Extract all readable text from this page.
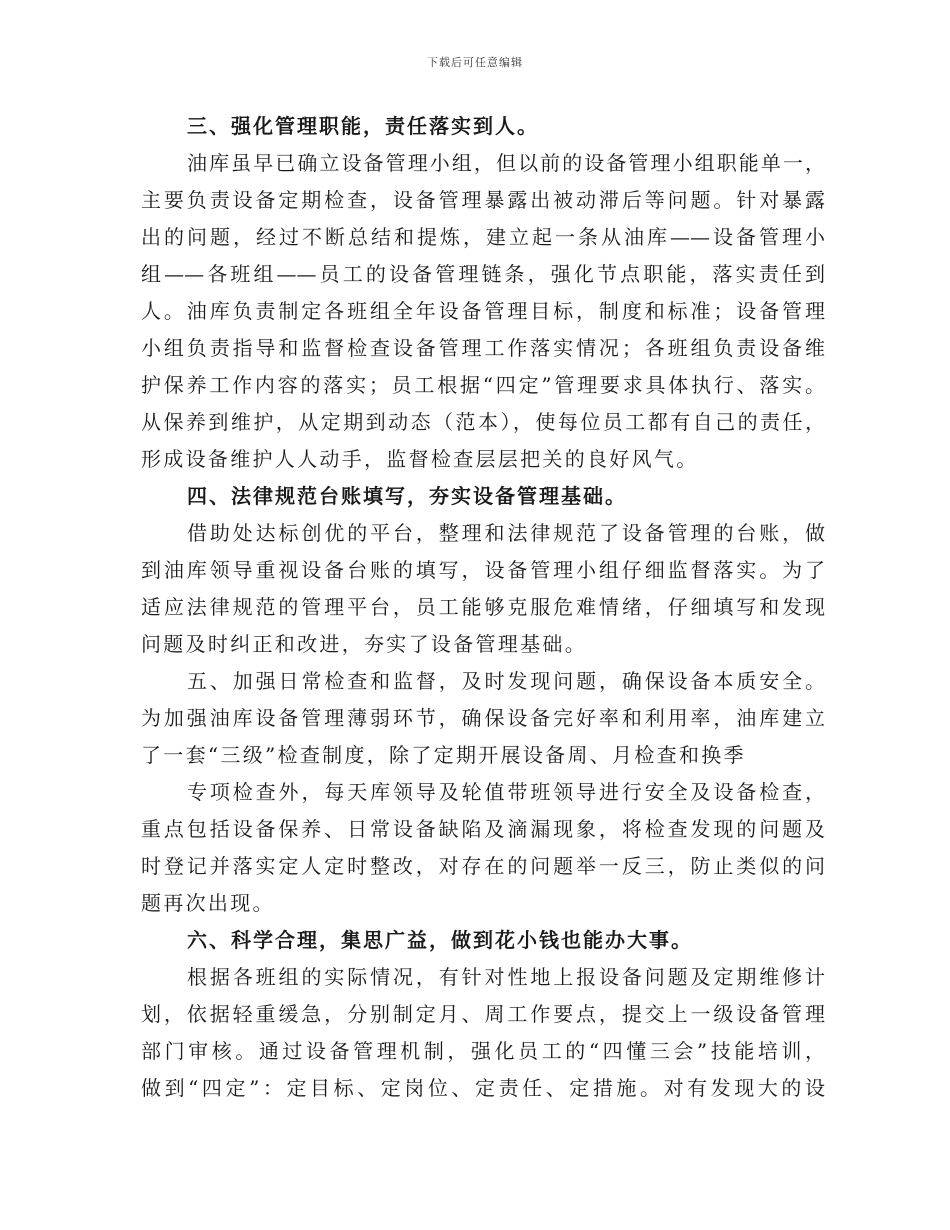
下载后可任意编辑
三、强化管理职能，责任落实到人。
油库虽早已确立设备管理小组，但以前的设备管理小组职能单一，
主要负责设备定期检查，设备管理暴露出被动滞后等问题。针对暴露
出的问题，经过不断总结和提炼，建立起一条从油库——设备管理小
组——各班组——员工的设备管理链条，强化节点职能，落实责任到
人。油库负责制定各班组全年设备管理目标，制度和标准；设备管理
小组负责指导和监督检查设备管理工作落实情况；各班组负责设备维
护保养工作内容的落实；员工根据“四定”管理要求具体执行、落实。
从保养到维护，从定期到动态（范本），使每位员工都有自己的责任，
形成设备维护人人动手，监督检查层层把关的良好风气。
四、法律规范台账填写，夯实设备管理基础。
借助处达标创优的平台，整理和法律规范了设备管理的台账，做
到油库领导重视设备台账的填写，设备管理小组仔细监督落实。为了
适应法律规范的管理平台，员工能够克服危难情绪，仔细填写和发现
问题及时纠正和改进，夯实了设备管理基础。
五、加强日常检查和监督，及时发现问题，确保设备本质安全。
为加强油库设备管理薄弱环节，确保设备完好率和利用率，油库建立
了一套“三级”检查制度，除了定期开展设备周、月检查和换季
专项检查外，每天库领导及轮值带班领导进行安全及设备检查，
重点包括设备保养、日常设备缺陷及滴漏现象，将检查发现的问题及
时登记并落实定人定时整改，对存在的问题举一反三，防止类似的问
题再次出现。
六、科学合理，集思广益，做到花小钱也能办大事。
根据各班组的实际情况，有针对性地上报设备问题及定期维修计
划，依据轻重缓急，分别制定月、周工作要点，提交上一级设备管理
部门审核。通过设备管理机制，强化员工的“四懂三会”技能培训，
做到“四定”：定目标、定岗位、定责任、定措施。对有发现大的设
